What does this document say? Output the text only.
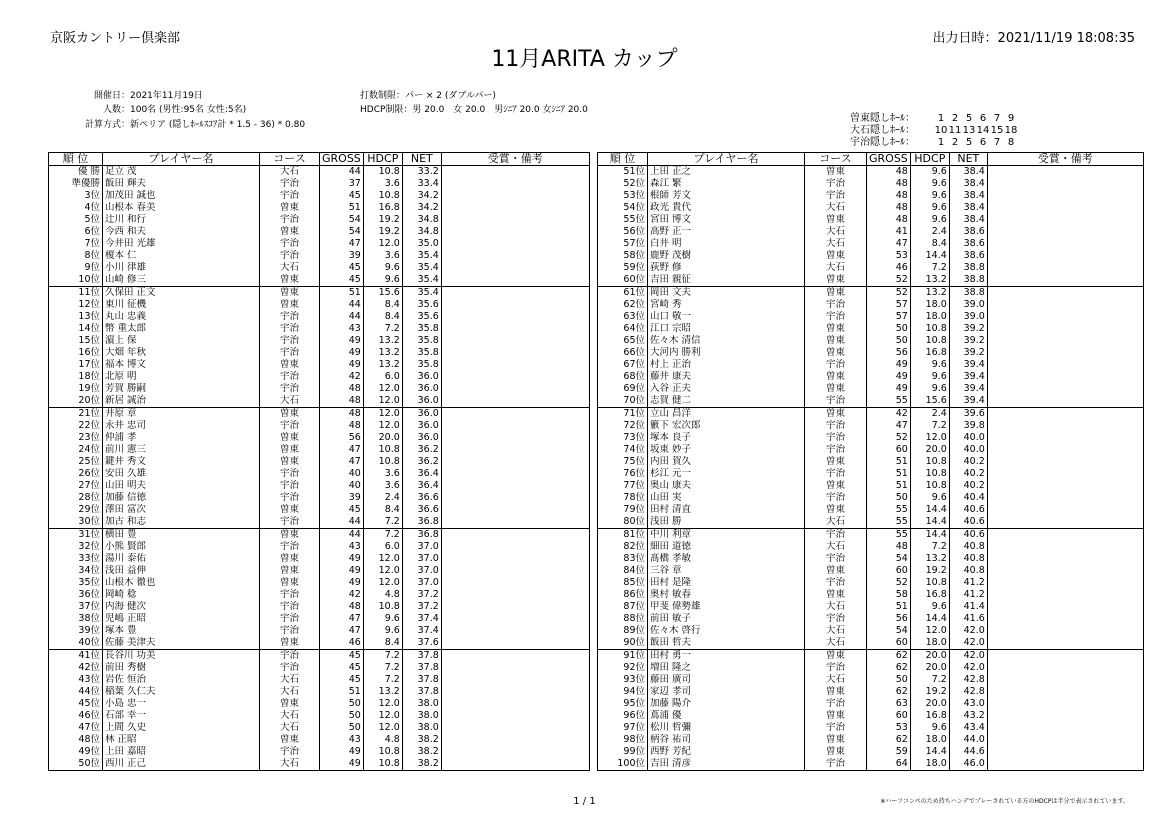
京阪カントリー倶楽部	出力日時：2021/11/19 18:08:35
11月ARITA カップ
開催日：2021年11月19日
人数：100名 (男性:95名 女性:5名)
計算方式：新ペリア (隠しﾎｰﾙｽｺｱ計 * 1.5 - 36) * 0.80
打数制限：パー × 2 (ダブルパー)
HDCP制限：男 20.0　女 20.0　男ｼﾆｱ 20.0 女ｼﾆｱ 20.0
曽東隠しﾎｰﾙ：	1 2 5 6 7 9
大石隠しﾎｰﾙ：	10 11 13 14 15 18
宇治隠しﾎｰﾙ：	1 2 5 6 7 8
順 位	プレイヤー名	コース	GROSS	HDCP	NET	受賞・備考
優 勝	足立 茂	大石	44	10.8	33.2	
準優勝	飯田 輝夫	宇治	37	3.6	33.4	
3位	加茂田 誠也	宇治	45	10.8	34.2	
4位	山根本 春美	曽東	51	16.8	34.2	
5位	辻川 和行	宇治	54	19.2	34.8	
6位	今西 和夫	曽東	54	19.2	34.8	
7位	今井田 光雄	宇治	47	12.0	35.0	
8位	榎本 仁	宇治	39	3.6	35.4	
9位	小川 律雄	大石	45	9.6	35.4	
10位	山崎 修三	曽東	45	9.6	35.4	
11位	久保田 正文	曽東	51	15.6	35.4	
12位	東川 征機	曽東	44	8.4	35.6	
13位	丸山 忠義	宇治	44	8.4	35.6	
14位	幣 重太郎	宇治	43	7.2	35.8	
15位	濵上 保	宇治	49	13.2	35.8	
16位	大畑 年秋	宇治	49	13.2	35.8	
17位	福本 博文	曽東	49	13.2	35.8	
18位	北原 明	宇治	42	6.0	36.0	
19位	芳賀 勝嗣	宇治	48	12.0	36.0	
20位	新居 誠治	大石	48	12.0	36.0	
21位	井原 章	曽東	48	12.0	36.0	
22位	永井 忠司	宇治	48	12.0	36.0	
23位	仲浦 孝	曽東	56	20.0	36.0	
24位	前川 憲三	曽東	47	10.8	36.2	
25位	鍵井 秀文	曽東	47	10.8	36.2	
26位	安田 久雄	宇治	40	3.6	36.4	
27位	山田 明夫	宇治	40	3.6	36.4	
28位	加藤 信徳	宇治	39	2.4	36.6	
29位	澤田 富次	曽東	45	8.4	36.6	
30位	加古 和志	宇治	44	7.2	36.8	
31位	横田 豊	曽東	44	7.2	36.8	
32位	小熊 賢郎	宇治	43	6.0	37.0	
33位	湯川 泰佑	曽東	49	12.0	37.0	
34位	浅田 益伸	曽東	49	12.0	37.0	
35位	山根木 徹也	曽東	49	12.0	37.0	
36位	岡崎 稔	宇治	42	4.8	37.2	
37位	内海 健次	宇治	48	10.8	37.2	
38位	児嶋 正昭	宇治	47	9.6	37.4	
39位	塚本 豊	宇治	47	9.6	37.4	
40位	佐藤 美津夫	曽東	46	8.4	37.6	
41位	長谷川 功美	宇治	45	7.2	37.8	
42位	前田 秀樹	宇治	45	7.2	37.8	
43位	岩佐 恒治	大石	45	7.2	37.8	
44位	稲葉 久仁夫	大石	51	13.2	37.8	
45位	小島 忠一	曽東	50	12.0	38.0	
46位	石部 幸一	大石	50	12.0	38.0	
47位	上間 久史	大石	50	12.0	38.0	
48位	林 正昭	曽東	43	4.8	38.2	
49位	上田 嘉昭	宇治	49	10.8	38.2	
50位	西川 正己	大石	49	10.8	38.2	
順 位	プレイヤー名	コース	GROSS	HDCP	NET	受賞・備考
51位	上田 正之	曽東	48	9.6	38.4	
52位	森江 繁	宇治	48	9.6	38.4	
53位	根師 芳文	宇治	48	9.6	38.4	
54位	政光 貴代	大石	48	9.6	38.4	
55位	宮田 博文	曽東	48	9.6	38.4	
56位	高野 正一	大石	41	2.4	38.6	
57位	白井 明	大石	47	8.4	38.6	
58位	鹿野 茂樹	曽東	53	14.4	38.6	
59位	荻野 修	大石	46	7.2	38.8	
60位	吉田 親征	曽東	52	13.2	38.8	
61位	岡田 文夫	曽東	52	13.2	38.8	
62位	宮崎 秀	宇治	57	18.0	39.0	
63位	山口 敬一	宇治	57	18.0	39.0	
64位	江口 宗昭	曽東	50	10.8	39.2	
65位	佐々木 清信	曽東	50	10.8	39.2	
66位	大河内 勝利	曽東	56	16.8	39.2	
67位	村上 正治	宇治	49	9.6	39.4	
68位	藤井 康夫	曽東	49	9.6	39.4	
69位	入谷 正夫	曽東	49	9.6	39.4	
70位	志賀 健二	宇治	55	15.6	39.4	
71位	立山 昌洋	曽東	42	2.4	39.6	
72位	籔下 宏次郎	宇治	47	7.2	39.8	
73位	塚本 良子	宇治	52	12.0	40.0	
74位	坂東 妙子	宇治	60	20.0	40.0	
75位	内田 賀久	曽東	51	10.8	40.2	
76位	杉江 元一	宇治	51	10.8	40.2	
77位	奥山 康夫	曽東	51	10.8	40.2	
78位	山田 実	宇治	50	9.6	40.4	
79位	田村 清直	曽東	55	14.4	40.6	
80位	浅田 勝	大石	55	14.4	40.6	
81位	中川 利章	宇治	55	14.4	40.6	
82位	細田 道徳	大石	48	7.2	40.8	
83位	髙橋 孝敏	宇治	54	13.2	40.8	
84位	三谷 章	曽東	60	19.2	40.8	
85位	田村 是隆	宇治	52	10.8	41.2	
86位	奥村 敏春	曽東	58	16.8	41.2	
87位	甲斐 偉勢雄	大石	51	9.6	41.4	
88位	前田 敏子	宇治	56	14.4	41.6	
89位	佐々木 啓行	大石	54	12.0	42.0	
90位	飯田 哲夫	大石	60	18.0	42.0	
91位	田村 勇一	曽東	62	20.0	42.0	
92位	増田 隆之	宇治	62	20.0	42.0	
93位	藤田 廣司	大石	50	7.2	42.8	
94位	家辺 孝司	曽東	62	19.2	42.8	
95位	加藤 陽介	宇治	63	20.0	43.0	
96位	蔦浦 優	曽東	60	16.8	43.2	
97位	松川 哲彌	宇治	53	9.6	43.4	
98位	柄谷 祐司	曽東	62	18.0	44.0	
99位	西野 芳紀	曽東	59	14.4	44.6	
100位	吉田 清彦	宇治	64	18.0	46.0	
1 / 1	※ハーフコンペのため持ちハンデでプレーされている方のHDCPは半分で表示されています。
